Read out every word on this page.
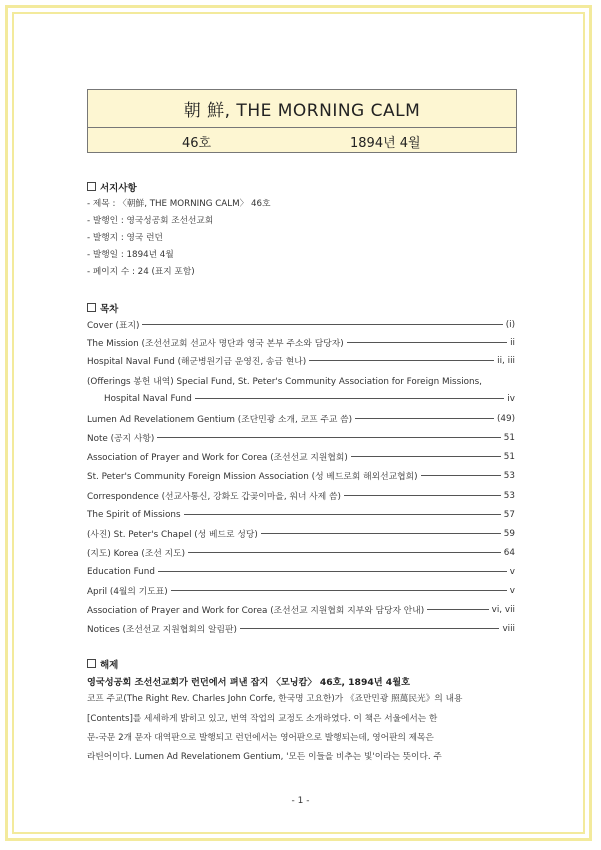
朝 鮮, THE MORNING CALM
46호	1894년 4월
서지사항
- 제목 : 〈朝鮮, THE MORNING CALM〉 46호
- 발행인 : 영국성공회 조선선교회
- 발행지 : 영국 런던
- 발행일 : 1894년 4월
- 페이지 수 : 24 (표지 포함)
목차
Cover (표지)	(i)
The Mission (조선선교회 선교사 명단과 영국 본부 주소와 담당자)	ii
Hospital Naval Fund (해군병원기금 운영진, 송금 현나)	ii, iii
(Offerings 봉헌 내역) Special Fund, St. Peter's Community Association for Foreign Missions,
Hospital Naval Fund	iv
Lumen Ad Revelationem Gentium (조단민광 소개, 코프 주교 씀)	(49)
Note (공지 사항)	51
Association of Prayer and Work for Corea (조선선교 지원협회)	51
St. Peter's Community Foreign Mission Association (성 베드로회 해외선교협회)	53
Correspondence (선교사통신, 강화도 갑곶이마을, 워너 사제 씀)	53
The Spirit of Missions	57
(사진) St. Peter's Chapel (성 베드로 성당)	59
(지도) Korea (조선 지도)	64
Education Fund	v
April (4월의 기도표)	v
Association of Prayer and Work for Corea (조선선교 지원협회 지부와 담당자 안내)	vi, vii
Notices (조선선교 지원협회의 알림판)	viii
해제
영국성공회 조선선교회가 런던에서 펴낸 잡지 〈모닝캄〉 46호, 1894년 4월호
코프 주교(The Right Rev. Charles John Corfe, 한국명 고요한)가 《죠만민광 照萬民光》의 내용
[Contents]를 세세하게 밝히고 있고, 번역 작업의 교정도 소개하였다. 이 책은 서울에서는 한
문-국문 2개 문자 대역판으로 발행되고 런던에서는 영어판으로 발행되는데, 영어판의 제목은
라틴어이다. Lumen Ad Revelationem Gentium, '모든 이들을 비추는 빛'이라는 뜻이다. 주
- 1 -
